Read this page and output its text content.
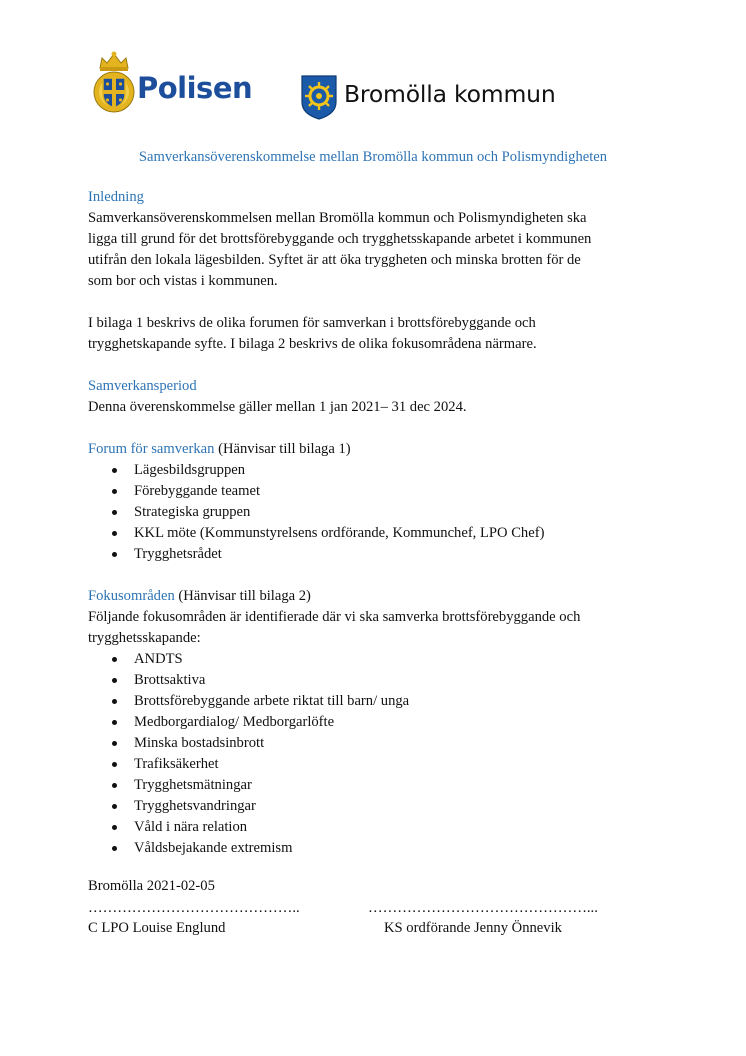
Polisen	Bromölla kommun
Samverkansöverenskommelse mellan Bromölla kommun och Polismyndigheten
Inledning
Samverkansöverenskommelsen mellan Bromölla kommun och Polismyndigheten ska
ligga till grund för det brottsförebyggande och trygghetsskapande arbetet i kommunen
utifrån den lokala lägesbilden. Syftet är att öka tryggheten och minska brotten för de
som bor och vistas i kommunen.
I bilaga 1 beskrivs de olika forumen för samverkan i brottsförebyggande och
trygghetskapande syfte. I bilaga 2 beskrivs de olika fokusområdena närmare.
Samverkansperiod
Denna överenskommelse gäller mellan 1 jan 2021– 31 dec 2024.
Forum för samverkan (Hänvisar till bilaga 1)
Lägesbildsgruppen
Förebyggande teamet
Strategiska gruppen
KKL möte (Kommunstyrelsens ordförande, Kommunchef, LPO Chef)
Trygghetsrådet
Fokusområden (Hänvisar till bilaga 2)
Följande fokusområden är identifierade där vi ska samverka brottsförebyggande och
trygghetsskapande:
ANDTS
Brottsaktiva
Brottsförebyggande arbete riktat till barn/ unga
Medborgardialog/ Medborgarlöfte
Minska bostadsinbrott
Trafiksäkerhet
Trygghetsmätningar
Trygghetsvandringar
Våld i nära relation
Våldsbejakande extremism
Bromölla 2021-02-05
……………………………………..	………………………………………...
C LPO Louise Englund	KS ordförande Jenny Önnevik
